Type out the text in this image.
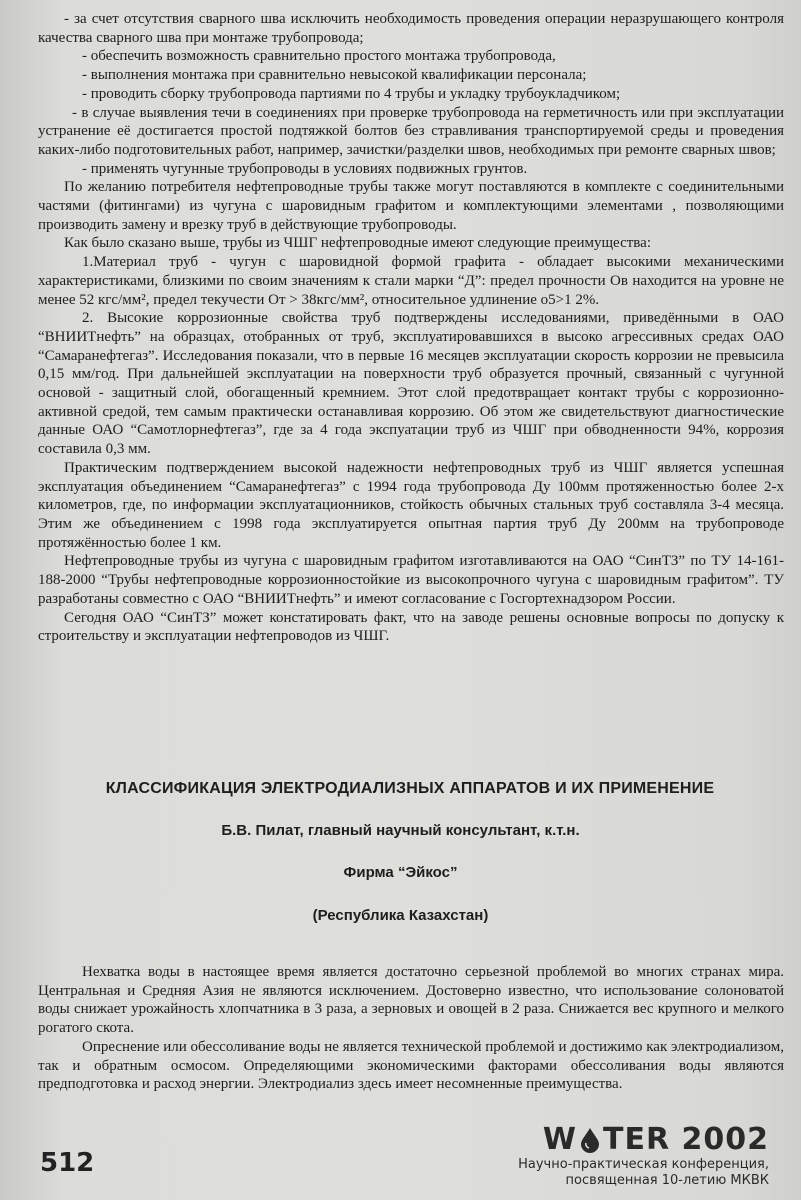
- за счет отсутствия сварного шва исключить необходимость проведения операции неразрушающего контроля качества сварного шва при монтаже трубопровода;

- обеспечить возможность сравнительно простого монтажа трубопровода,

- выполнения монтажа при сравнительно невысокой квалификации персонала;

- проводить сборку трубопровода партиями по 4 трубы и укладку трубоукладчиком;

- в случае выявления течи в соединениях при проверке трубопровода на герметичность или при эксплуатации устранение её достигается простой подтяжкой болтов без стравливания транспортируемой среды и проведения каких-либо подготовительных работ, например, зачистки/разделки швов, необходимых при ремонте сварных швов;

- применять чугунные трубопроводы в условиях подвижных грунтов.

По желанию потребителя нефтепроводные трубы также могут поставляются в комплекте с соединительными частями (фитингами) из чугуна с шаровидным графитом и комплектующими элементами , позволяющими производить замену и врезку труб в действующие трубопроводы.

Как было сказано выше, трубы из ЧШГ нефтепроводные имеют следующие преимущества:

1.Материал труб - чугун с шаровидной формой графита - обладает высокими механическими характеристиками, близкими по своим значениям к стали марки “Д”: предел прочности Ов находится на уровне не менее 52 кгс/мм², предел текучести От > 38кгс/мм², относительное удлинение о5>1 2%.

2. Высокие коррозионные свойства труб подтверждены исследованиями, приведёнными в ОАО “ВНИИТнефть” на образцах, отобранных от труб, эксплуатировавшихся в высоко агрессивных средах ОАО “Самаранефтегаз”. Исследования показали, что в первые 16 месяцев эксплуатации скорость коррозии не превысила 0,15 мм/год. При дальнейшей эксплуатации на поверхности труб образуется прочный, связанный с чугунной основой - защитный слой, обогащенный кремнием. Этот слой предотвращает контакт трубы с коррозионно-активной средой, тем самым практически останавливая коррозию. Об этом же свидетельствуют диагностические данные ОАО “Самотлорнефтегаз”, где за 4 года экспуатации труб из ЧШГ при обводненности 94%, коррозия составила 0,3 мм.

Практическим подтверждением высокой надежности нефтепроводных труб из ЧШГ является успешная эксплуатация объединением “Самаранефтегаз” с 1994 года трубопровода Ду 100мм протяженностью более 2-х километров, где, по информации эксплуатационников, стойкость обычных стальных труб составляла 3-4 месяца. Этим же объединением с 1998 года эксплуатируется опытная партия труб Ду 200мм на трубопроводе протяжённостью более 1 км.

Нефтепроводные трубы из чугуна с шаровидным графитом изготавливаются на ОАО “СинТЗ” по ТУ 14-161-188-2000 “Трубы нефтепроводные коррозионностойкие из высокопрочного чугуна с шаровидным графитом”. ТУ разработаны совместно с ОАО “ВНИИТнефть” и имеют согласование с Госгортехнадзором России.

Сегодня ОАО “СинТЗ” может констатировать факт, что на заводе решены основные вопросы по допуску к строительству и эксплуатации нефтепроводов из ЧШГ.

КЛАССИФИКАЦИЯ ЭЛЕКТРОДИАЛИЗНЫХ АППАРАТОВ И ИХ ПРИМЕНЕНИЕ
Б.В. Пилат, главный научный консультант, к.т.н.
Фирма “Эйкос”
(Республика Казахстан)

Нехватка воды в настоящее время является достаточно серьезной проблемой во многих странах мира. Центральная и Средняя Азия не являются исключением. Достоверно известно, что использование солоноватой воды снижает урожайность хлопчатника в 3 раза, а зерновых и овощей в 2 раза. Снижается вес крупного и мелкого рогатого скота.

Опреснение или обессоливание воды не является технической проблемой и достижимо как электродиализом, так и обратным осмосом. Определяющими экономическими факторами обессоливания воды являются предподготовка и расход энергии. Электродиализ здесь имеет несомненные преимущества.

512
W TER 2002
Научно-практическая конференция,
посвященная 10-летию МКВК
